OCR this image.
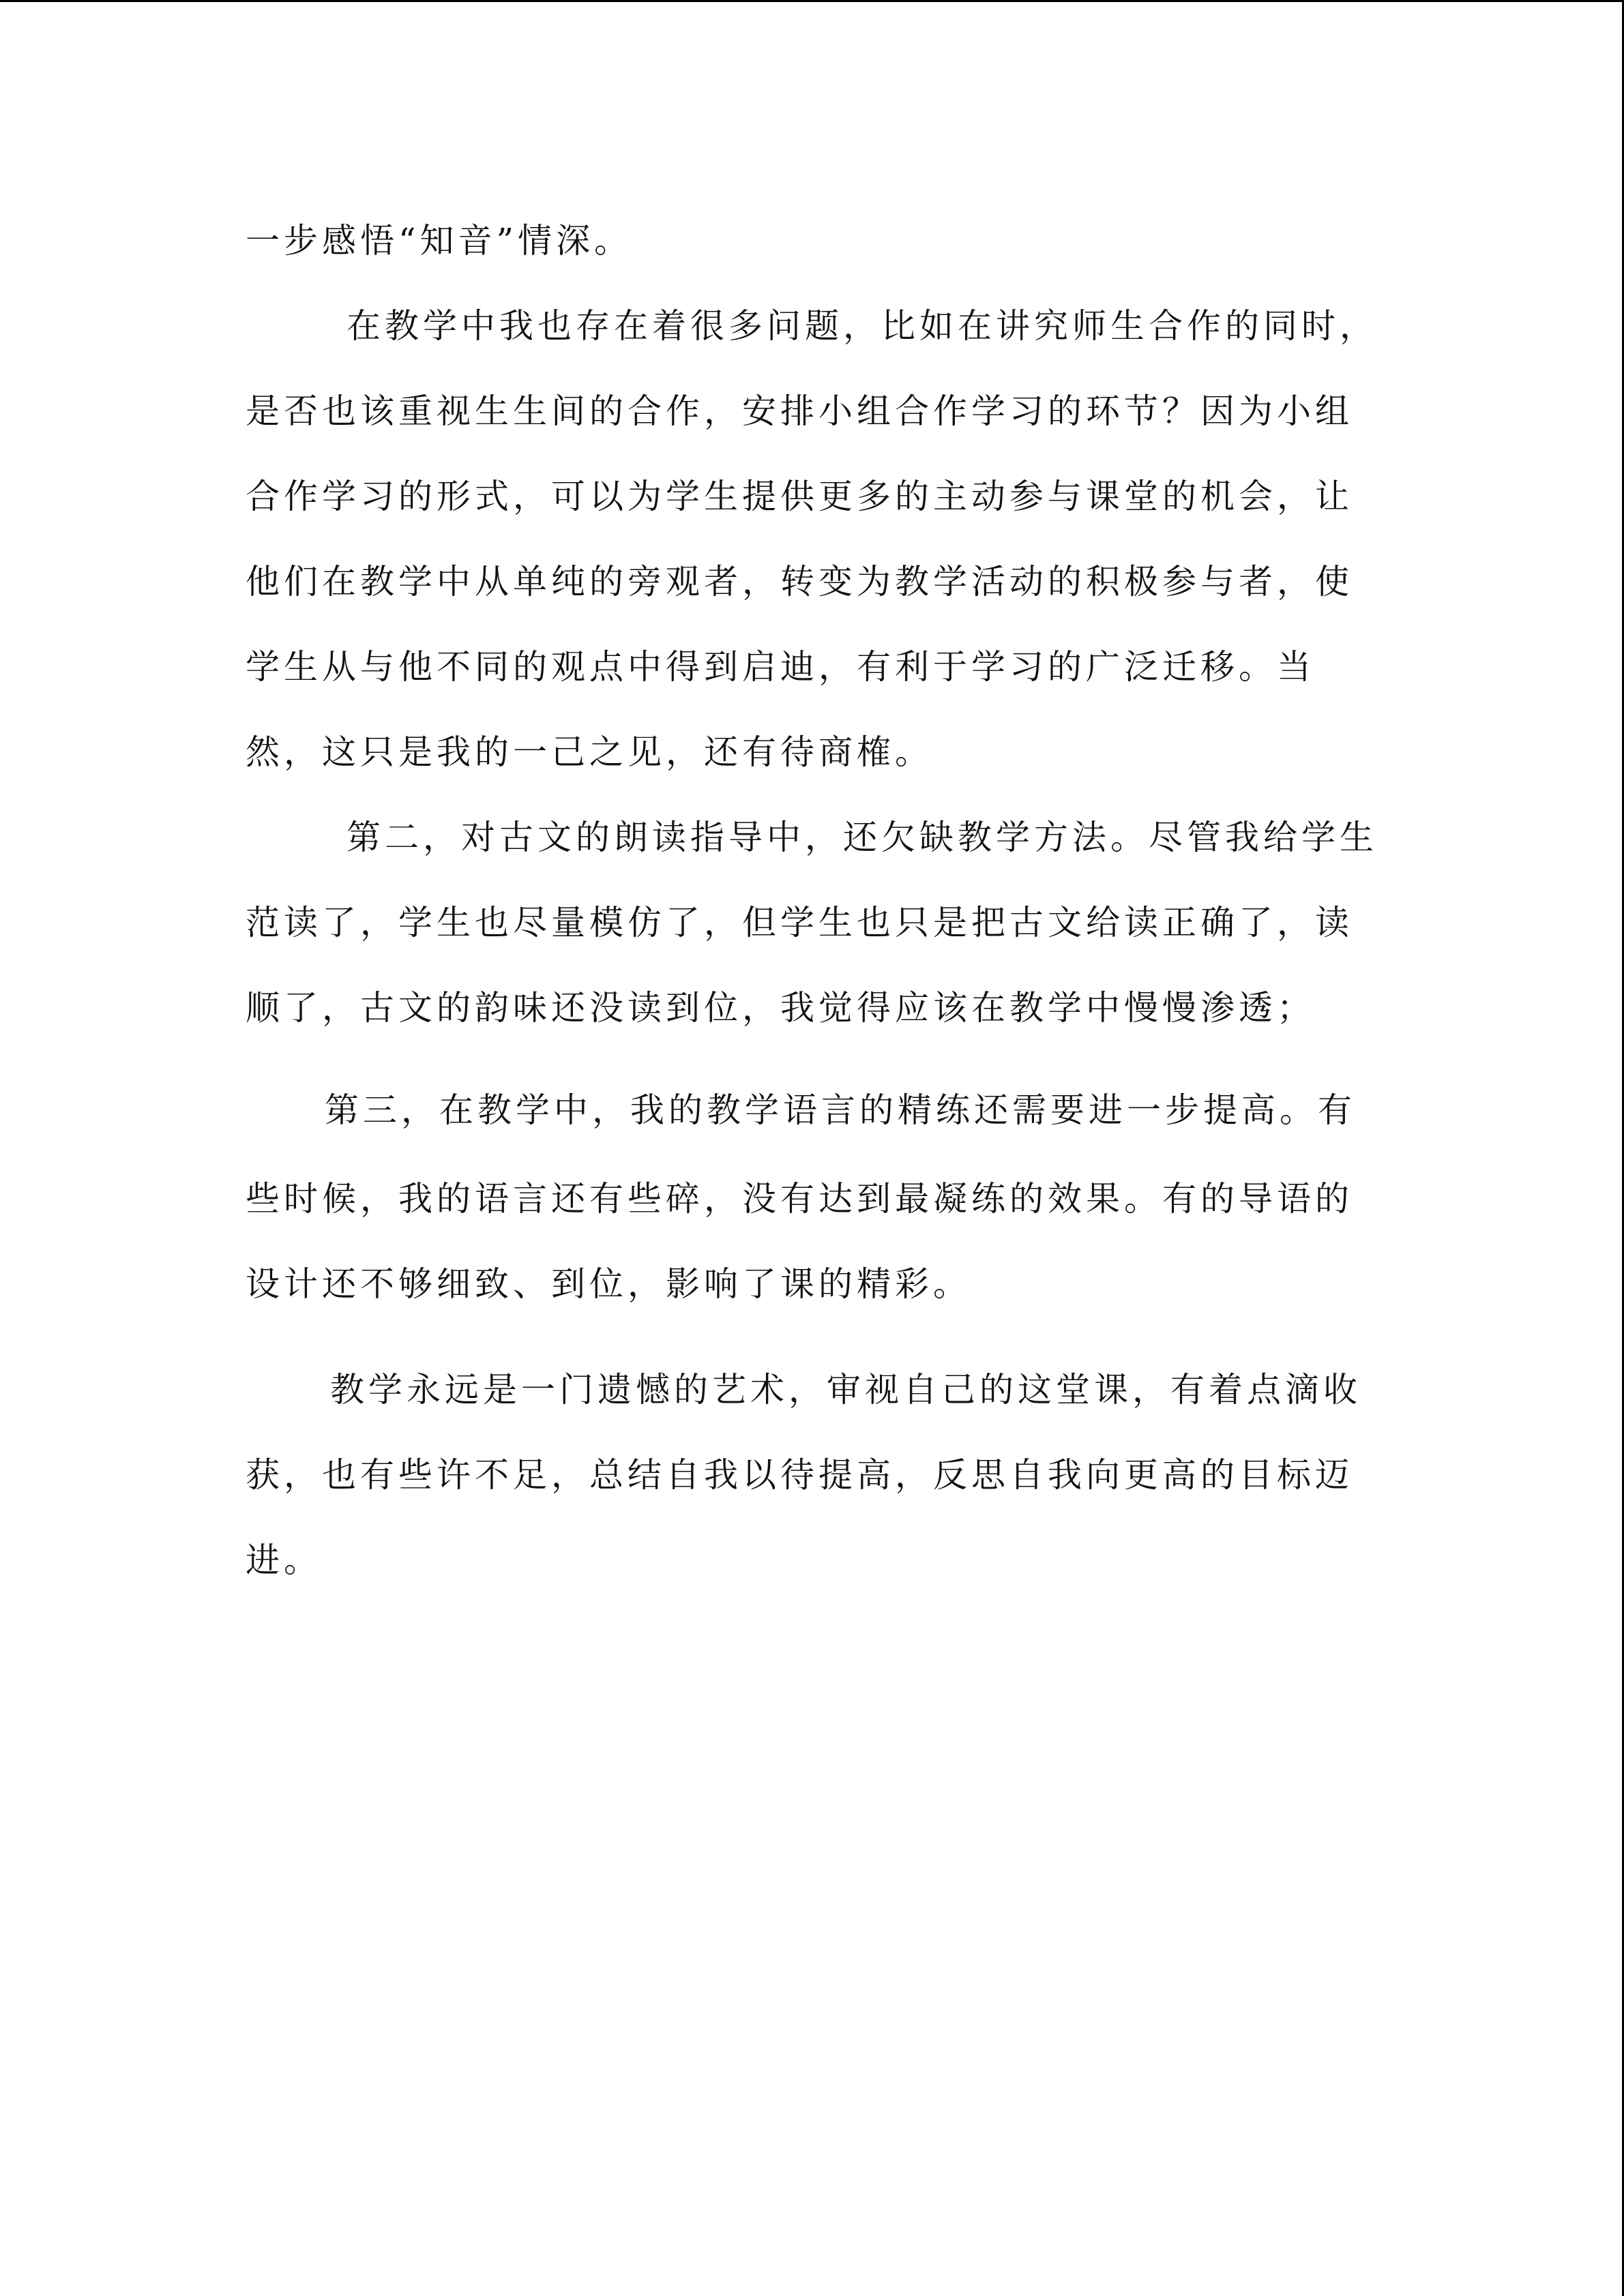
一步感悟“知音”情深。

在教学中我也存在着很多问题，比如在讲究师生合作的同时，

是否也该重视生生间的合作，安排小组合作学习的环节？因为小组

合作学习的形式，可以为学生提供更多的主动参与课堂的机会，让

他们在教学中从单纯的旁观者，转变为教学活动的积极参与者，使

学生从与他不同的观点中得到启迪，有利于学习的广泛迁移。当

然，这只是我的一己之见，还有待商榷。

第二，对古文的朗读指导中，还欠缺教学方法。尽管我给学生

范读了，学生也尽量模仿了，但学生也只是把古文给读正确了，读

顺了，古文的韵味还没读到位，我觉得应该在教学中慢慢渗透；

第三，在教学中，我的教学语言的精练还需要进一步提高。有

些时候，我的语言还有些碎，没有达到最凝练的效果。有的导语的

设计还不够细致、到位，影响了课的精彩。

教学永远是一门遗憾的艺术，审视自己的这堂课，有着点滴收

获，也有些许不足，总结自我以待提高，反思自我向更高的目标迈

进。
